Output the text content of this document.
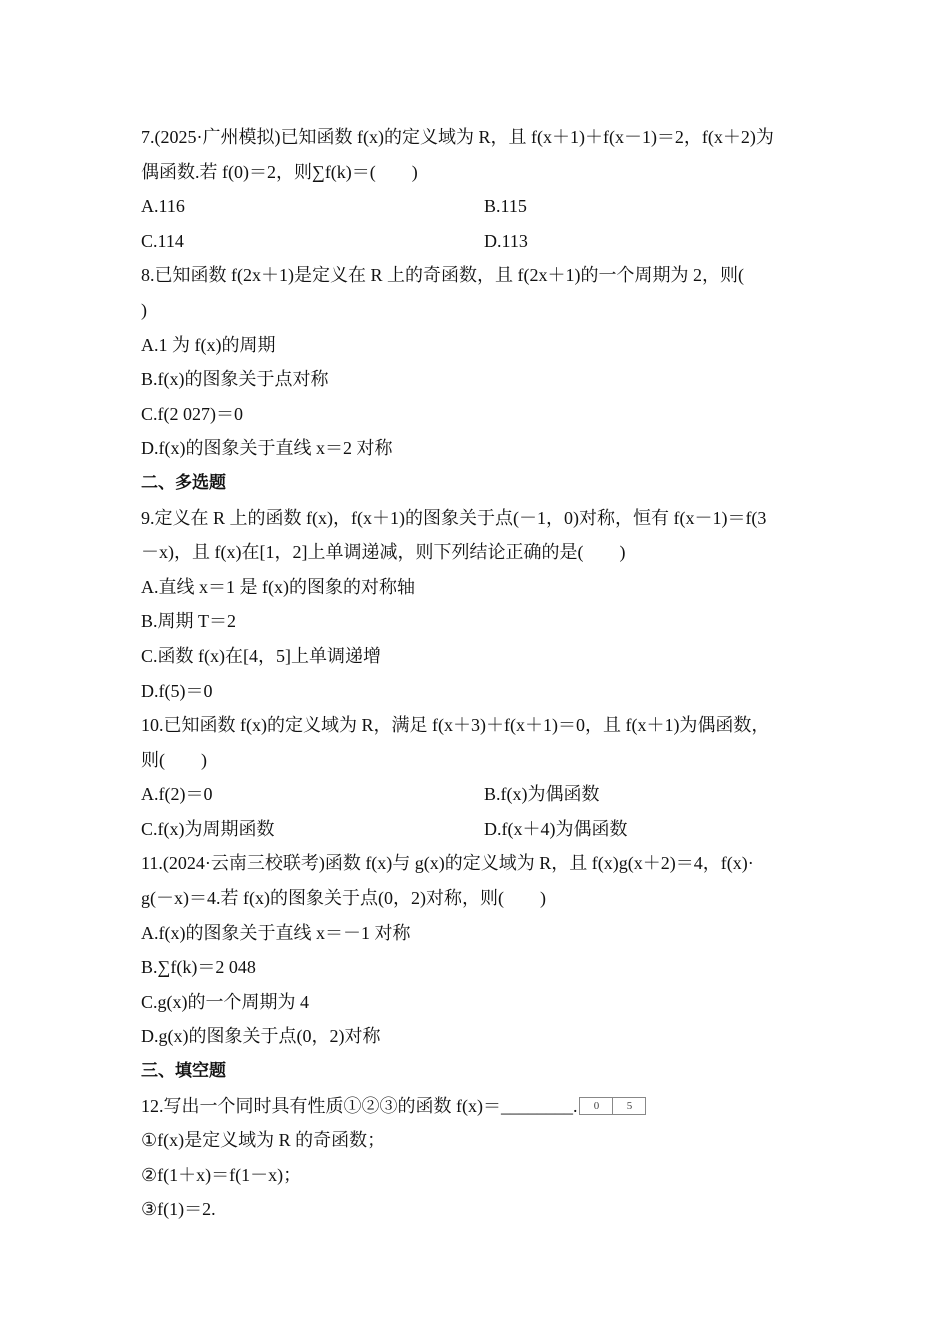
7.(2025·广州模拟)已知函数 f(x)的定义域为 R，且 f(x＋1)＋f(x－1)＝2，f(x＋2)为
偶函数.若 f(0)＝2，则∑f(k)＝(　　)
A.116	B.115
C.114	D.113
8.已知函数 f(2x＋1)是定义在 R 上的奇函数，且 f(2x＋1)的一个周期为 2，则(
)
A.1 为 f(x)的周期
B.f(x)的图象关于点对称
C.f(2 027)＝0
D.f(x)的图象关于直线 x＝2 对称
二、多选题
9.定义在 R 上的函数 f(x)，f(x＋1)的图象关于点(－1，0)对称，恒有 f(x－1)＝f(3
－x)，且 f(x)在[1，2]上单调递减，则下列结论正确的是(　　)
A.直线 x＝1 是 f(x)的图象的对称轴
B.周期 T＝2
C.函数 f(x)在[4，5]上单调递增
D.f(5)＝0
10.已知函数 f(x)的定义域为 R，满足 f(x＋3)＋f(x＋1)＝0，且 f(x＋1)为偶函数，
则(　　)
A.f(2)＝0	B.f(x)为偶函数
C.f(x)为周期函数	D.f(x＋4)为偶函数
11.(2024·云南三校联考)函数 f(x)与 g(x)的定义域为 R，且 f(x)g(x＋2)＝4，f(x)·
g(－x)＝4.若 f(x)的图象关于点(0，2)对称，则(　　)
A.f(x)的图象关于直线 x＝－1 对称
B.∑f(k)＝2 048
C.g(x)的一个周期为 4
D.g(x)的图象关于点(0，2)对称
三、填空题
12.写出一个同时具有性质①②③的函数 f(x)＝________. 0	5
①f(x)是定义域为 R 的奇函数；
②f(1＋x)＝f(1－x)；
③f(1)＝2.
